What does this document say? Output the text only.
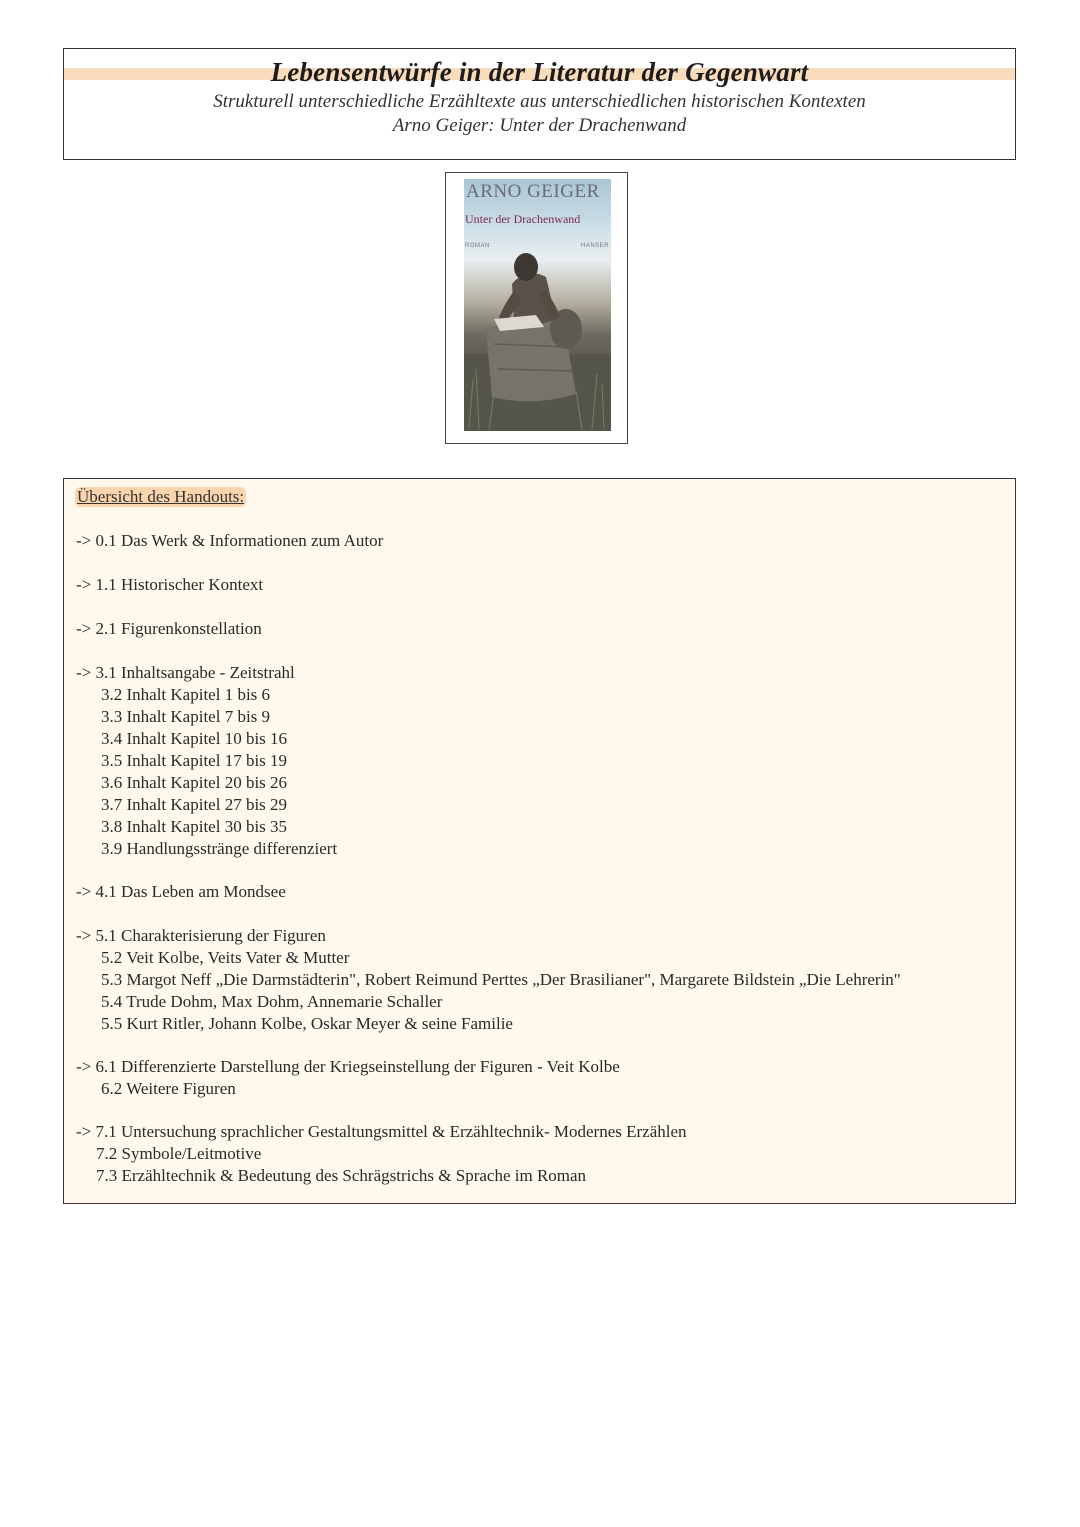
Lebensentwürfe in der Literatur der Gegenwart
Strukturell unterschiedliche Erzähltexte aus unterschiedlichen historischen Kontexten
Arno Geiger: Unter der Drachenwand
ARNO GEIGER
Unter der Drachenwand
ROMAN	HANSER
Übersicht des Handouts:
-> 0.1 Das Werk & Informationen zum Autor
-> 1.1 Historischer Kontext
-> 2.1 Figurenkonstellation
-> 3.1 Inhaltsangabe - Zeitstrahl
3.2 Inhalt Kapitel 1 bis 6
3.3 Inhalt Kapitel 7 bis 9
3.4 Inhalt Kapitel 10 bis 16
3.5 Inhalt Kapitel 17 bis 19
3.6 Inhalt Kapitel 20 bis 26
3.7 Inhalt Kapitel 27 bis 29
3.8 Inhalt Kapitel 30 bis 35
3.9 Handlungsstränge differenziert
-> 4.1 Das Leben am Mondsee
-> 5.1 Charakterisierung der Figuren
5.2 Veit Kolbe, Veits Vater & Mutter
5.3 Margot Neff „Die Darmstädterin", Robert Reimund Perttes „Der Brasilianer", Margarete Bildstein „Die Lehrerin"
5.4 Trude Dohm, Max Dohm, Annemarie Schaller
5.5 Kurt Ritler, Johann Kolbe, Oskar Meyer & seine Familie
-> 6.1 Differenzierte Darstellung der Kriegseinstellung der Figuren - Veit Kolbe
6.2 Weitere Figuren
-> 7.1 Untersuchung sprachlicher Gestaltungsmittel & Erzähltechnik- Modernes Erzählen
7.2 Symbole/Leitmotive
7.3 Erzähltechnik & Bedeutung des Schrägstrichs & Sprache im Roman
